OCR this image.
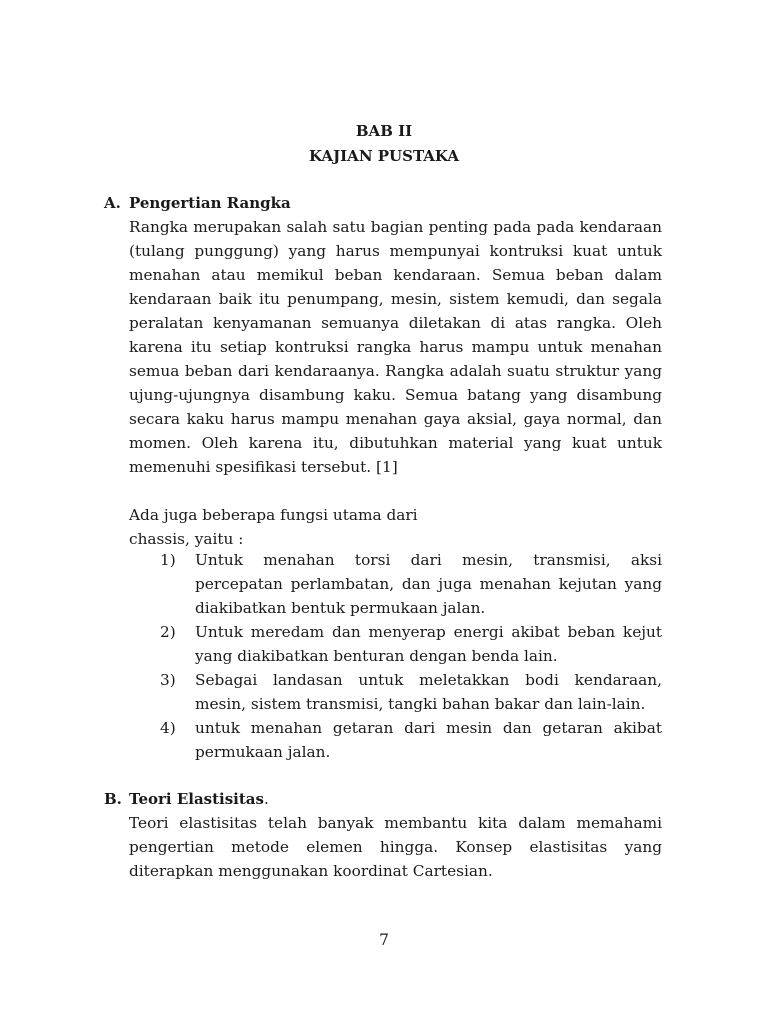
BAB II
KAJIAN PUSTAKA
A. Pengertian Rangka
Rangka merupakan salah satu bagian penting pada pada kendaraan (tulang punggung) yang harus mempunyai kontruksi kuat untuk menahan atau memikul beban kendaraan. Semua beban dalam kendaraan baik itu penumpang, mesin, sistem kemudi, dan segala peralatan kenyamanan semuanya diletakan di atas rangka. Oleh karena itu setiap kontruksi rangka harus mampu untuk menahan semua beban dari kendaraanya. Rangka adalah suatu struktur yang ujung-ujungnya disambung kaku. Semua batang yang disambung secara kaku harus mampu menahan gaya aksial, gaya normal, dan momen. Oleh karena itu, dibutuhkan material yang kuat untuk memenuhi spesifikasi tersebut. [1]
Ada juga beberapa fungsi utama dari
chassis, yaitu :
1) Untuk menahan torsi dari mesin, transmisi, aksi percepatan perlambatan, dan juga menahan kejutan yang diakibatkan bentuk permukaan jalan.
2) Untuk meredam dan menyerap energi akibat beban kejut yang diakibatkan benturan dengan benda lain.
3) Sebagai landasan untuk meletakkan bodi kendaraan, mesin, sistem transmisi, tangki bahan bakar dan lain-lain.
4) untuk menahan getaran dari mesin dan getaran akibat permukaan jalan.
B. Teori Elastisitas.
Teori elastisitas telah banyak membantu kita dalam memahami pengertian metode elemen hingga. Konsep elastisitas yang diterapkan menggunakan koordinat Cartesian.
7
